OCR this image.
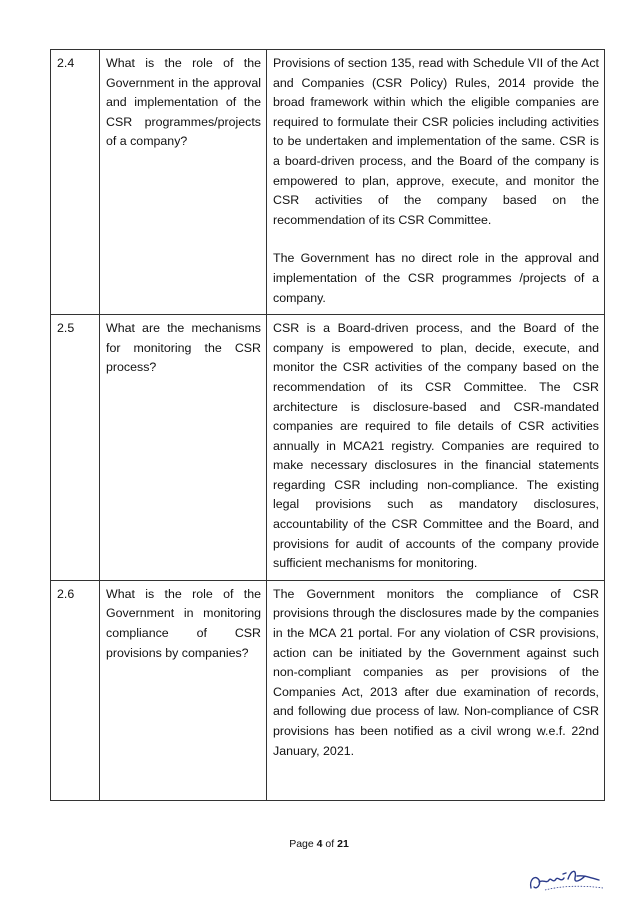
2.4	What is the role of the Government in the approval and implementation of the CSR programmes/projects of a company?	Provisions of section 135, read with Schedule VII of the Act and Companies (CSR Policy) Rules, 2014 provide the broad framework within which the eligible companies are required to formulate their CSR policies including activities to be undertaken and implementation of the same. CSR is a board-driven process, and the Board of the company is empowered to plan, approve, execute, and monitor the CSR activities of the company based on the recommendation of its CSR Committee.

The Government has no direct role in the approval and implementation of the CSR programmes /projects of a company.

2.5	What are the mechanisms for monitoring the CSR process?	CSR is a Board-driven process, and the Board of the company is empowered to plan, decide, execute, and monitor the CSR activities of the company based on the recommendation of its CSR Committee. The CSR architecture is disclosure-based and CSR-mandated companies are required to file details of CSR activities annually in MCA21 registry. Companies are required to make necessary disclosures in the financial statements regarding CSR including non-compliance. The existing legal provisions such as mandatory disclosures, accountability of the CSR Committee and the Board, and provisions for audit of accounts of the company provide sufficient mechanisms for monitoring.

2.6	What is the role of the Government in monitoring compliance of CSR provisions by companies?	The Government monitors the compliance of CSR provisions through the disclosures made by the companies in the MCA 21 portal. For any violation of CSR provisions, action can be initiated by the Government against such non-compliant companies as per provisions of the Companies Act, 2013 after due examination of records, and following due process of law. Non-compliance of CSR provisions has been notified as a civil wrong w.e.f. 22nd January, 2021.

Page 4 of 21
